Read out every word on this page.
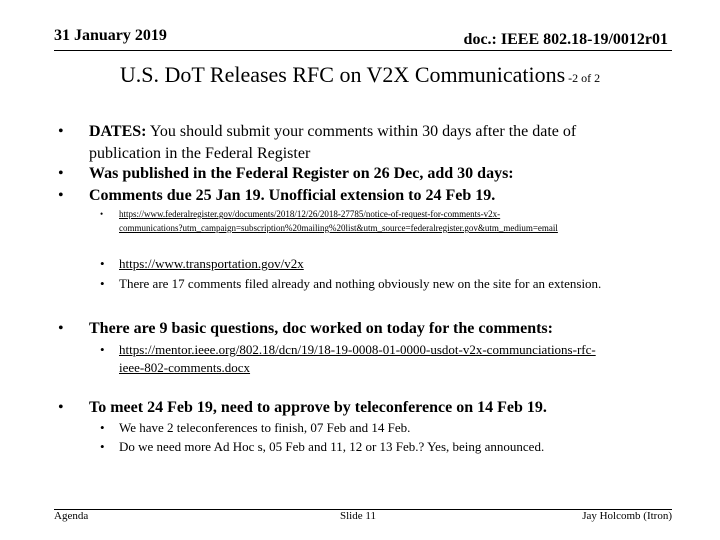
31 January 2019	doc.: IEEE 802.18-19/0012r01
U.S. DoT Releases RFC on V2X Communications -2 of 2
• DATES: You should submit your comments within 30 days after the date of
publication in the Federal Register
• Was published in the Federal Register on 26 Dec, add 30 days:
• Comments due 25 Jan 19. Unofficial extension to 24 Feb 19.
• https://www.federalregister.gov/documents/2018/12/26/2018-27785/notice-of-request-for-comments-v2x-
communications?utm_campaign=subscription%20mailing%20list&utm_source=federalregister.gov&utm_medium=email
• https://www.transportation.gov/v2x
• There are 17 comments filed already and nothing obviously new on the site for an extension.
• There are 9 basic questions, doc worked on today for the comments:
• https://mentor.ieee.org/802.18/dcn/19/18-19-0008-01-0000-usdot-v2x-communciations-rfc-
ieee-802-comments.docx
• To meet 24 Feb 19, need to approve by teleconference on 14 Feb 19.
• We have 2 teleconferences to finish, 07 Feb and 14 Feb.
• Do we need more Ad Hoc s, 05 Feb and 11, 12 or 13 Feb.? Yes, being announced.
Agenda	Slide 11	Jay Holcomb (Itron)
